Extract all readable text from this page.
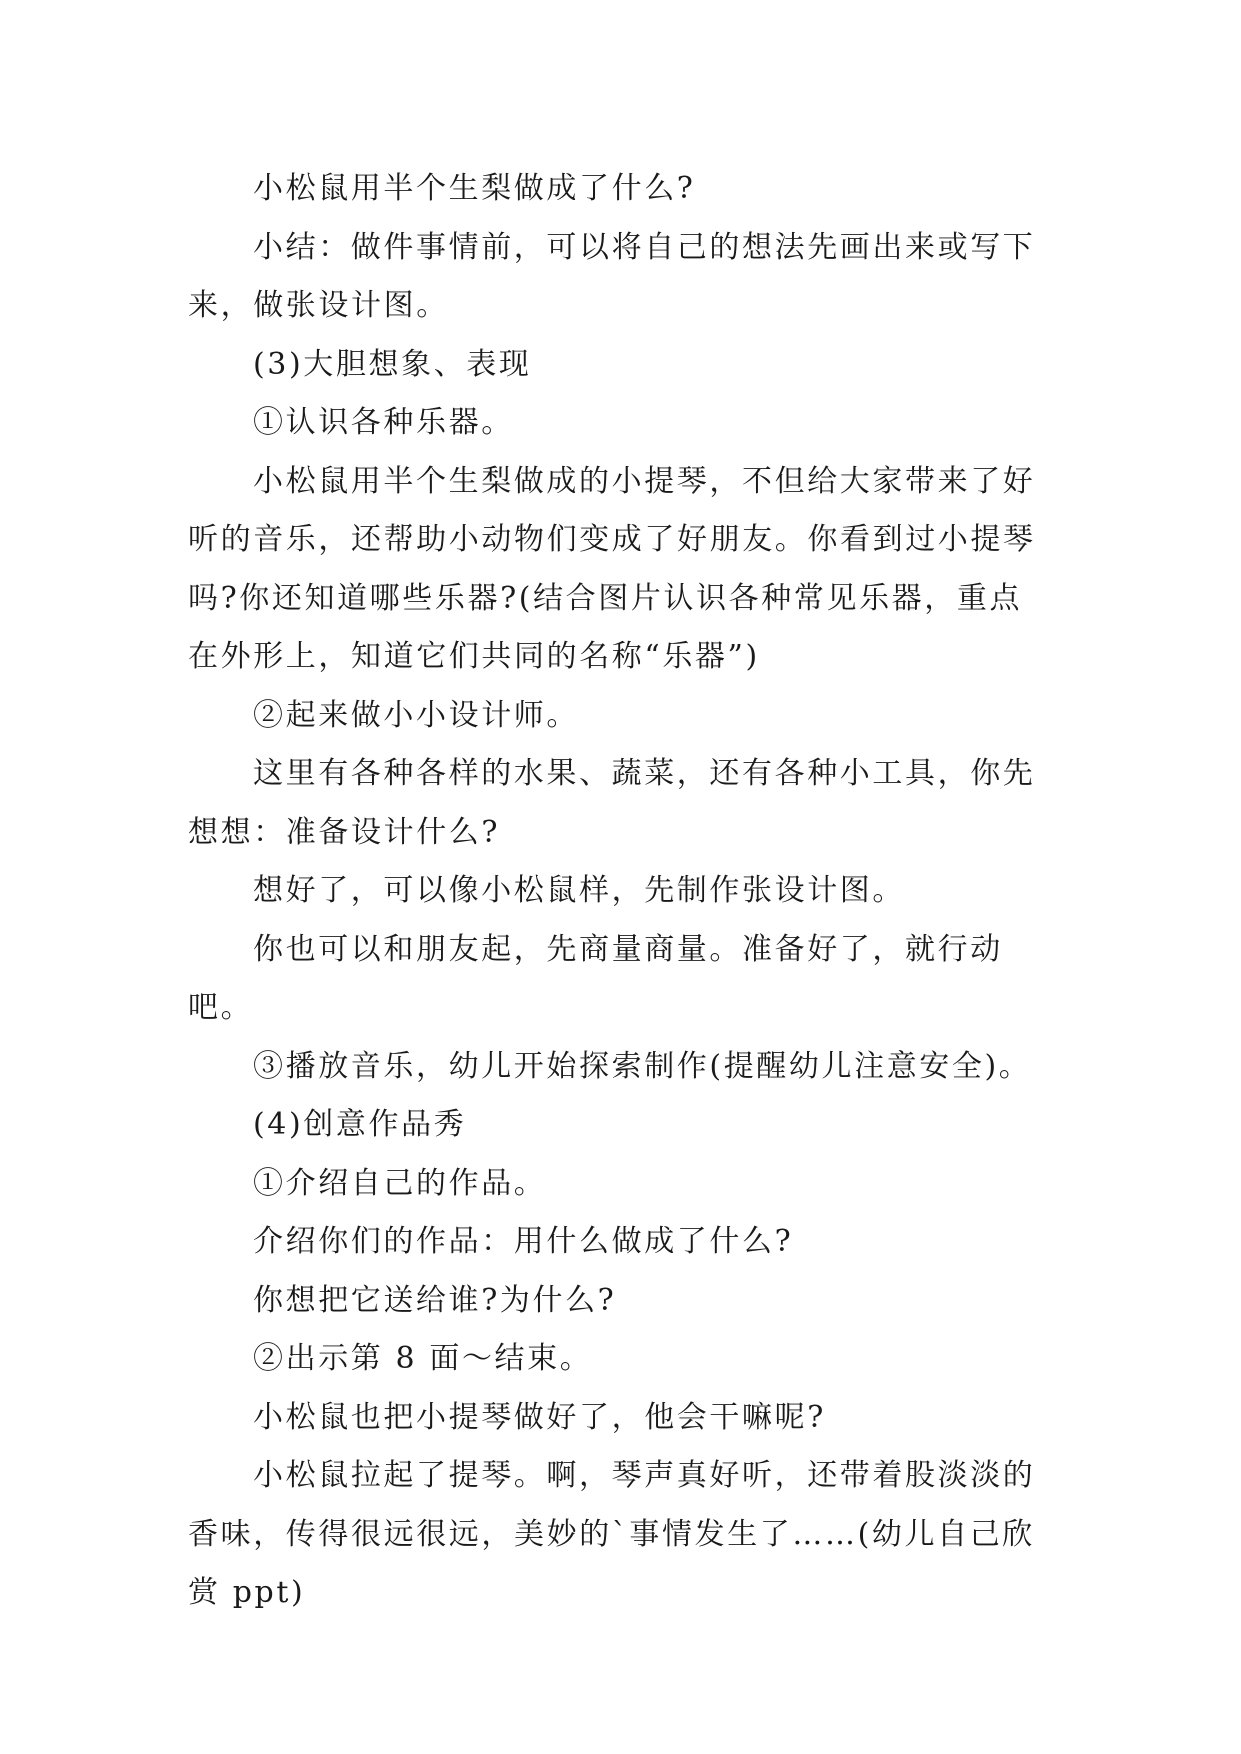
小松鼠用半个生梨做成了什么?

小结：做件事情前，可以将自己的想法先画出来或写下来，做张设计图。

(3)大胆想象、表现

①认识各种乐器。

小松鼠用半个生梨做成的小提琴，不但给大家带来了好听的音乐，还帮助小动物们变成了好朋友。你看到过小提琴吗?你还知道哪些乐器?(结合图片认识各种常见乐器，重点在外形上，知道它们共同的名称“乐器”)

②起来做小小设计师。

这里有各种各样的水果、蔬菜，还有各种小工具，你先想想：准备设计什么?

想好了，可以像小松鼠样，先制作张设计图。

你也可以和朋友起，先商量商量。准备好了，就行动吧。

③播放音乐，幼儿开始探索制作(提醒幼儿注意安全)。

(4)创意作品秀

①介绍自己的作品。

介绍你们的作品：用什么做成了什么?

你想把它送给谁?为什么?

②出示第 8 面～结束。

小松鼠也把小提琴做好了，他会干嘛呢?

小松鼠拉起了提琴。啊，琴声真好听，还带着股淡淡的香味，传得很远很远，美妙的`事情发生了……(幼儿自己欣赏 ppt)
